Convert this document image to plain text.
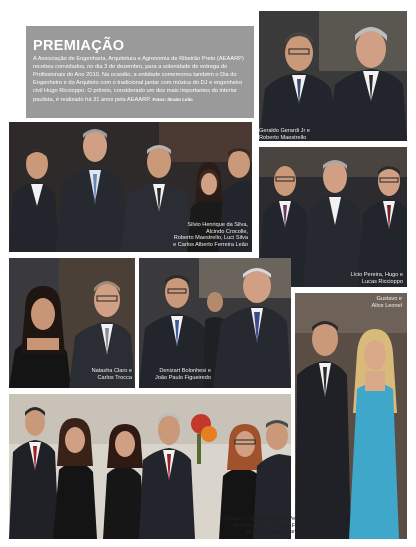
PREMIAÇÃO
A Associação de Engenharia, Arquitetura e Agronomia de Ribeirão Preto (AEAARP) recebeu convidados, no dia 3 de dezembro, para a solenidade de entrega do Profissionais do Ano 2010. Na ocasião, a entidade comemorou também o Dia do Engenheiro e do Arquiteto com o tradicional jantar com música do DJ e engenheiro civil Hugo Riccioppo. O prêmio, considerado um dos mais importantes do interior paulista, é realizado há 31 anos pela AEAARP. Fotos: Ibraim Leão
Geraldo Gerardi Jr e
Roberto Maestrello
Silvio Henrique da Silva,
Alcindo Crocolle,
Roberto Maestrello, Luci Silva
e Carlos Alberto Ferreira Leão
Lício Pereira, Hugo e
Lucas Riccioppo
Natasha Claro e
Carlos Trocca
Denizart Bolonhesi e
João Paulo Figueiredo
Gustavo e
Alice Leonel
Joaquim Carlos e Adriana Pereira,
Keila Fabri e Fernando Freire,
Marcia e Sergio Sanchez
